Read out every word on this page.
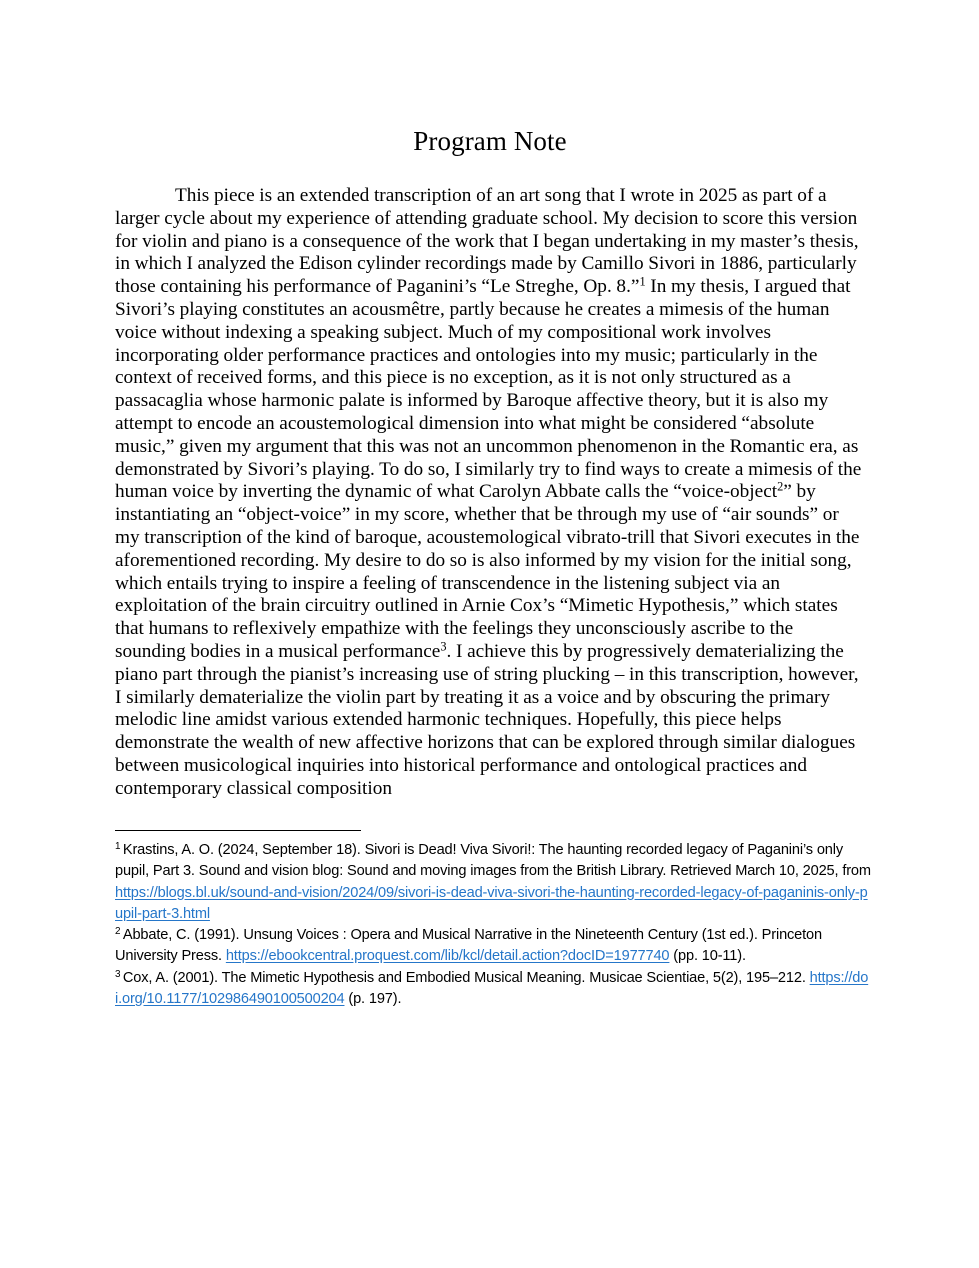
Program Note

This piece is an extended transcription of an art song that I wrote in 2025 as part of a larger cycle about my experience of attending graduate school. My decision to score this version for violin and piano is a consequence of the work that I began undertaking in my master’s thesis, in which I analyzed the Edison cylinder recordings made by Camillo Sivori in 1886, particularly those containing his performance of Paganini’s “Le Streghe, Op. 8.”$^1$ In my thesis, I argued that Sivori’s playing constitutes an acousmêtre, partly because he creates a mimesis of the human voice without indexing a speaking subject. Much of my compositional work involves incorporating older performance practices and ontologies into my music; particularly in the context of received forms, and this piece is no exception, as it is not only structured as a passacaglia whose harmonic palate is informed by Baroque affective theory, but it is also my attempt to encode an acoustemological dimension into what might be considered “absolute music,” given my argument that this was not an uncommon phenomenon in the Romantic era, as demonstrated by Sivori’s playing. To do so, I similarly try to find ways to create a mimesis of the human voice by inverting the dynamic of what Carolyn Abbate calls the “voice-object$^2$” by instantiating an “object-voice” in my score, whether that be through my use of “air sounds” or my transcription of the kind of baroque, acoustemological vibrato-trill that Sivori executes in the aforementioned recording. My desire to do so is also informed by my vision for the initial song, which entails trying to inspire a feeling of transcendence in the listening subject via an exploitation of the brain circuitry outlined in Arnie Cox’s “Mimetic Hypothesis,” which states that humans to reflexively empathize with the feelings they unconsciously ascribe to the sounding bodies in a musical performance$^3$. I achieve this by progressively dematerializing the piano part through the pianist’s increasing use of string plucking – in this transcription, however, I similarly dematerialize the violin part by treating it as a voice and by obscuring the primary melodic line amidst various extended harmonic techniques. Hopefully, this piece helps demonstrate the wealth of new affective horizons that can be explored through similar dialogues between musicological inquiries into historical performance and ontological practices and contemporary classical composition

$^1$ Krastins, A. O. (2024, September 18). Sivori is Dead! Viva Sivori!: The haunting recorded legacy of Paganini’s only pupil, Part 3. Sound and vision blog: Sound and moving images from the British Library. Retrieved March 10, 2025, from https://blogs.bl.uk/sound-and-vision/2024/09/sivori-is-dead-viva-sivori-the-haunting-recorded-legacy-of-paganinis-only-pupil-part-3.html

$^2$ Abbate, C. (1991). Unsung Voices : Opera and Musical Narrative in the Nineteenth Century (1st ed.). Princeton University Press. https://ebookcentral.proquest.com/lib/kcl/detail.action?docID=1977740 (pp. 10-11).

$^3$ Cox, A. (2001). The Mimetic Hypothesis and Embodied Musical Meaning. Musicae Scientiae, 5(2), 195–212. https://doi.org/10.1177/102986490100500204 (p. 197).
